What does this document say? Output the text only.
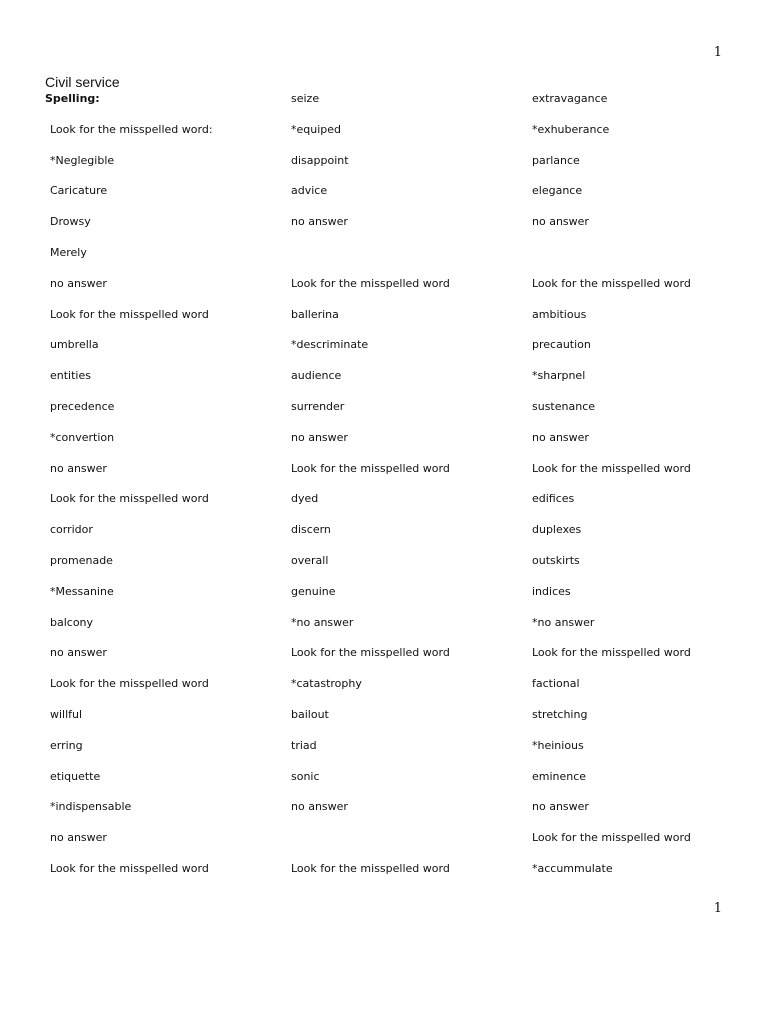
1
Civil service
Spelling:
Look for the misspelled word:
*Neglegible
Caricature
Drowsy
Merely
no answer
Look for the misspelled word
umbrella
entities
precedence
*convertion
no answer
Look for the misspelled word
corridor
promenade
*Messanine
balcony
no answer
Look for the misspelled word
willful
erring
etiquette
*indispensable
no answer
Look for the misspelled word
seize
*equiped
disappoint
advice
no answer
Look for the misspelled word
ballerina
*descriminate
audience
surrender
no answer
Look for the misspelled word
dyed
discern
overall
genuine
*no answer
Look for the misspelled word
*catastrophy
bailout
triad
sonic
no answer
Look for the misspelled word
extravagance
*exhuberance
parlance
elegance
no answer
Look for the misspelled word
ambitious
precaution
*sharpnel
sustenance
no answer
Look for the misspelled word
edifices
duplexes
outskirts
indices
*no answer
Look for the misspelled word
factional
stretching
*heinious
eminence
no answer
Look for the misspelled word
*accummulate
1
